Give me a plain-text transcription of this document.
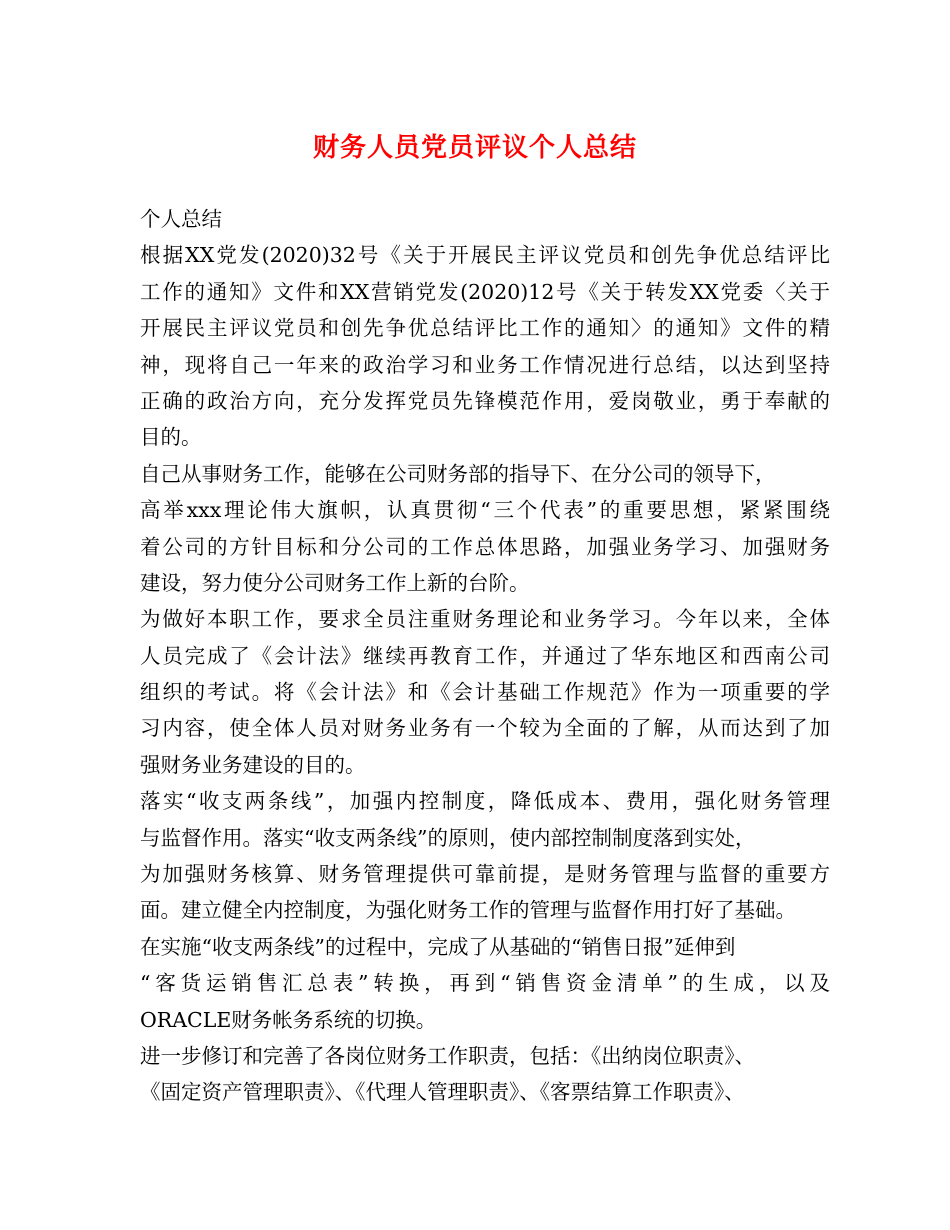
财务人员党员评议个人总结
个人总结
根据XX党发(2020)32号《关于开展民主评议党员和创先争优总结评比
工作的通知》文件和XX营销党发(2020)12号《关于转发XX党委〈关于
开展民主评议党员和创先争优总结评比工作的通知〉的通知》文件的精
神，现将自己一年来的政治学习和业务工作情况进行总结，以达到坚持
正确的政治方向，充分发挥党员先锋模范作用，爱岗敬业，勇于奉献的
目的。
自己从事财务工作，能够在公司财务部的指导下、在分公司的领导下，
高举xxx理论伟大旗帜，认真贯彻“三个代表”的重要思想，紧紧围绕
着公司的方针目标和分公司的工作总体思路，加强业务学习、加强财务
建设，努力使分公司财务工作上新的台阶。
为做好本职工作，要求全员注重财务理论和业务学习。今年以来，全体
人员完成了《会计法》继续再教育工作，并通过了华东地区和西南公司
组织的考试。将《会计法》和《会计基础工作规范》作为一项重要的学
习内容，使全体人员对财务业务有一个较为全面的了解，从而达到了加
强财务业务建设的目的。
落实“收支两条线”，加强内控制度，降低成本、费用，强化财务管理
与监督作用。落实“收支两条线”的原则，使内部控制制度落到实处，
为加强财务核算、财务管理提供可靠前提，是财务管理与监督的重要方
面。建立健全内控制度，为强化财务工作的管理与监督作用打好了基础。
在实施“收支两条线”的过程中，完成了从基础的“销售日报”延伸到
“客货运销售汇总表”转换，再到“销售资金清单”的生成，以及
ORACLE财务帐务系统的切换。
进一步修订和完善了各岗位财务工作职责，包括：《出纳岗位职责》、
《固定资产管理职责》、《代理人管理职责》、《客票结算工作职责》、
